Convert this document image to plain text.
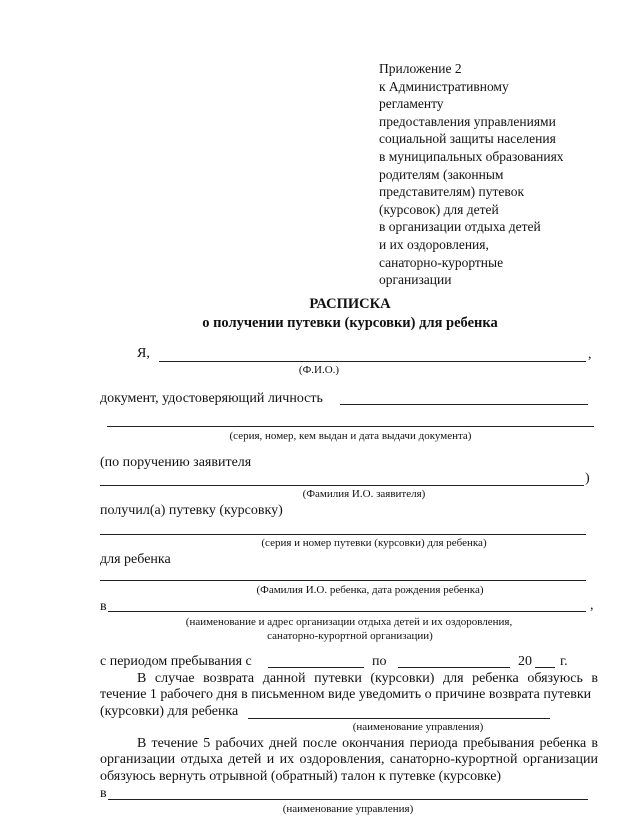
Приложение 2
к Административному
регламенту
предоставления управлениями
социальной защиты населения
в муниципальных образованиях
родителям (законным
представителям) путевок
(курсовок) для детей
в организации отдыха детей
и их оздоровления,
санаторно-курортные
организации
РАСПИСКА
о получении путевки (курсовки) для ребенка
Я,	,
(Ф.И.О.)
документ, удостоверяющий личность
(серия, номер, кем выдан и дата выдачи документа)
(по поручению заявителя
)
(Фамилия И.О. заявителя)
получил(а) путевку (курсовку)
(серия и номер путевки (курсовки) для ребенка)
для ребенка
(Фамилия И.О. ребенка, дата рождения ребенка)
в	,
(наименование и адрес организации отдыха детей и их оздоровления,
санаторно-курортной организации)
с периодом пребывания с	по	20 г.
В случае возврата данной путевки (курсовки) для ребенка обязуюсь в течение 1 рабочего дня в письменном виде уведомить о причине возврата путевки
(курсовки) для ребенка
(наименование управления)
В течение 5 рабочих дней после окончания периода пребывания ребенка в организации отдыха детей и их оздоровления, санаторно-курортной организации обязуюсь вернуть отрывной (обратный) талон к путевке (курсовке)
в
(наименование управления)
